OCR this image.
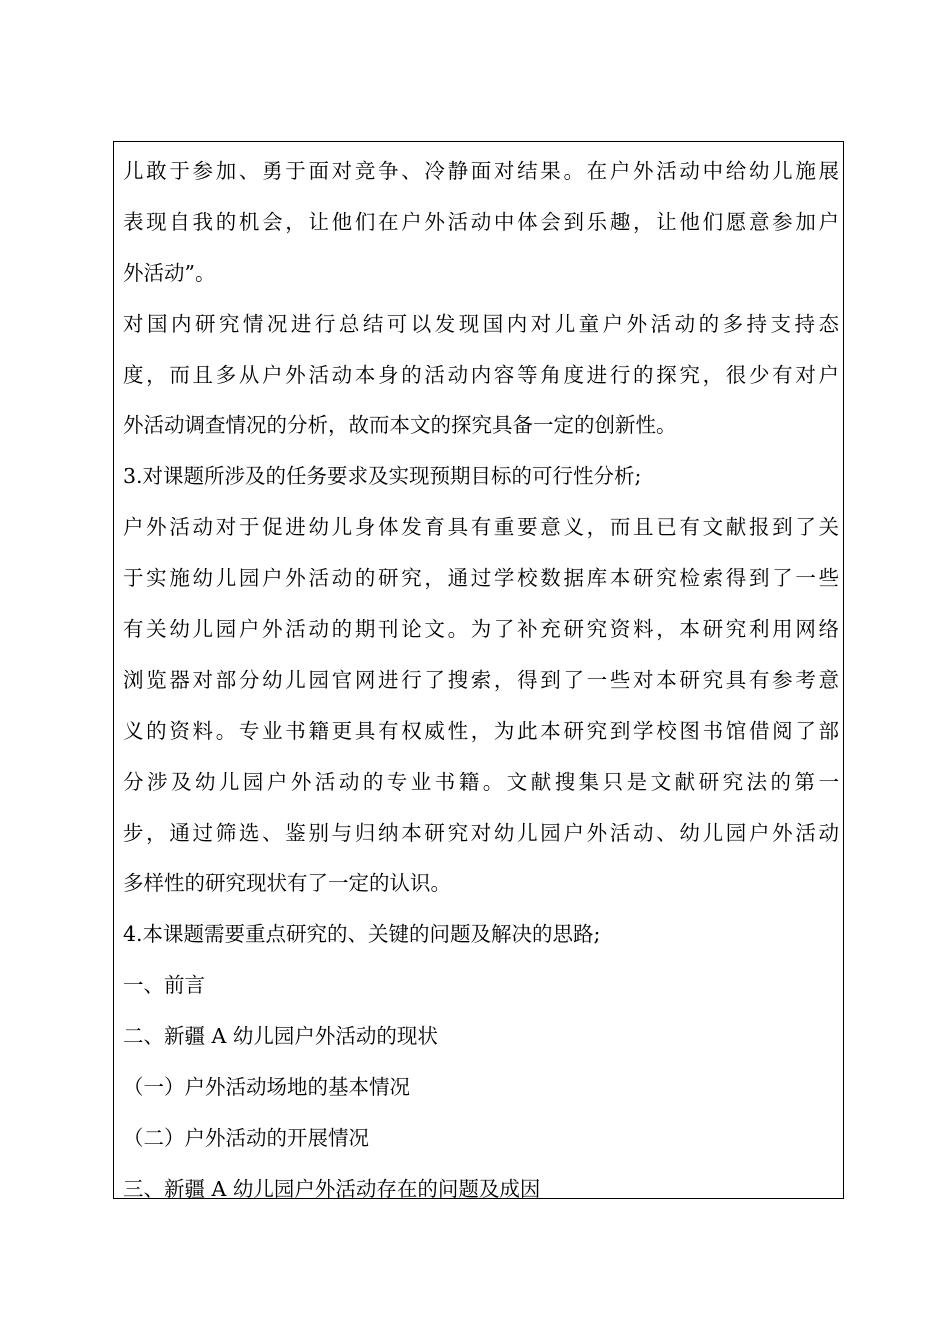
儿敢于参加、勇于面对竞争、冷静面对结果。在户外活动中给幼儿施展
表现自我的机会，让他们在户外活动中体会到乐趣，让他们愿意参加户
外活动”。
对国内研究情况进行总结可以发现国内对儿童户外活动的多持支持态
度，而且多从户外活动本身的活动内容等角度进行的探究，很少有对户
外活动调查情况的分析，故而本文的探究具备一定的创新性。
3.对课题所涉及的任务要求及实现预期目标的可行性分析;
户外活动对于促进幼儿身体发育具有重要意义，而且已有文献报到了关
于实施幼儿园户外活动的研究，通过学校数据库本研究检索得到了一些
有关幼儿园户外活动的期刊论文。为了补充研究资料，本研究利用网络
浏览器对部分幼儿园官网进行了搜索，得到了一些对本研究具有参考意
义的资料。专业书籍更具有权威性，为此本研究到学校图书馆借阅了部
分涉及幼儿园户外活动的专业书籍。文献搜集只是文献研究法的第一
步，通过筛选、鉴别与归纳本研究对幼儿园户外活动、幼儿园户外活动
多样性的研究现状有了一定的认识。
4.本课题需要重点研究的、关键的问题及解决的思路;
一、前言
二、新疆 A 幼儿园户外活动的现状
（一）户外活动场地的基本情况
（二）户外活动的开展情况
三、新疆 A 幼儿园户外活动存在的问题及成因
